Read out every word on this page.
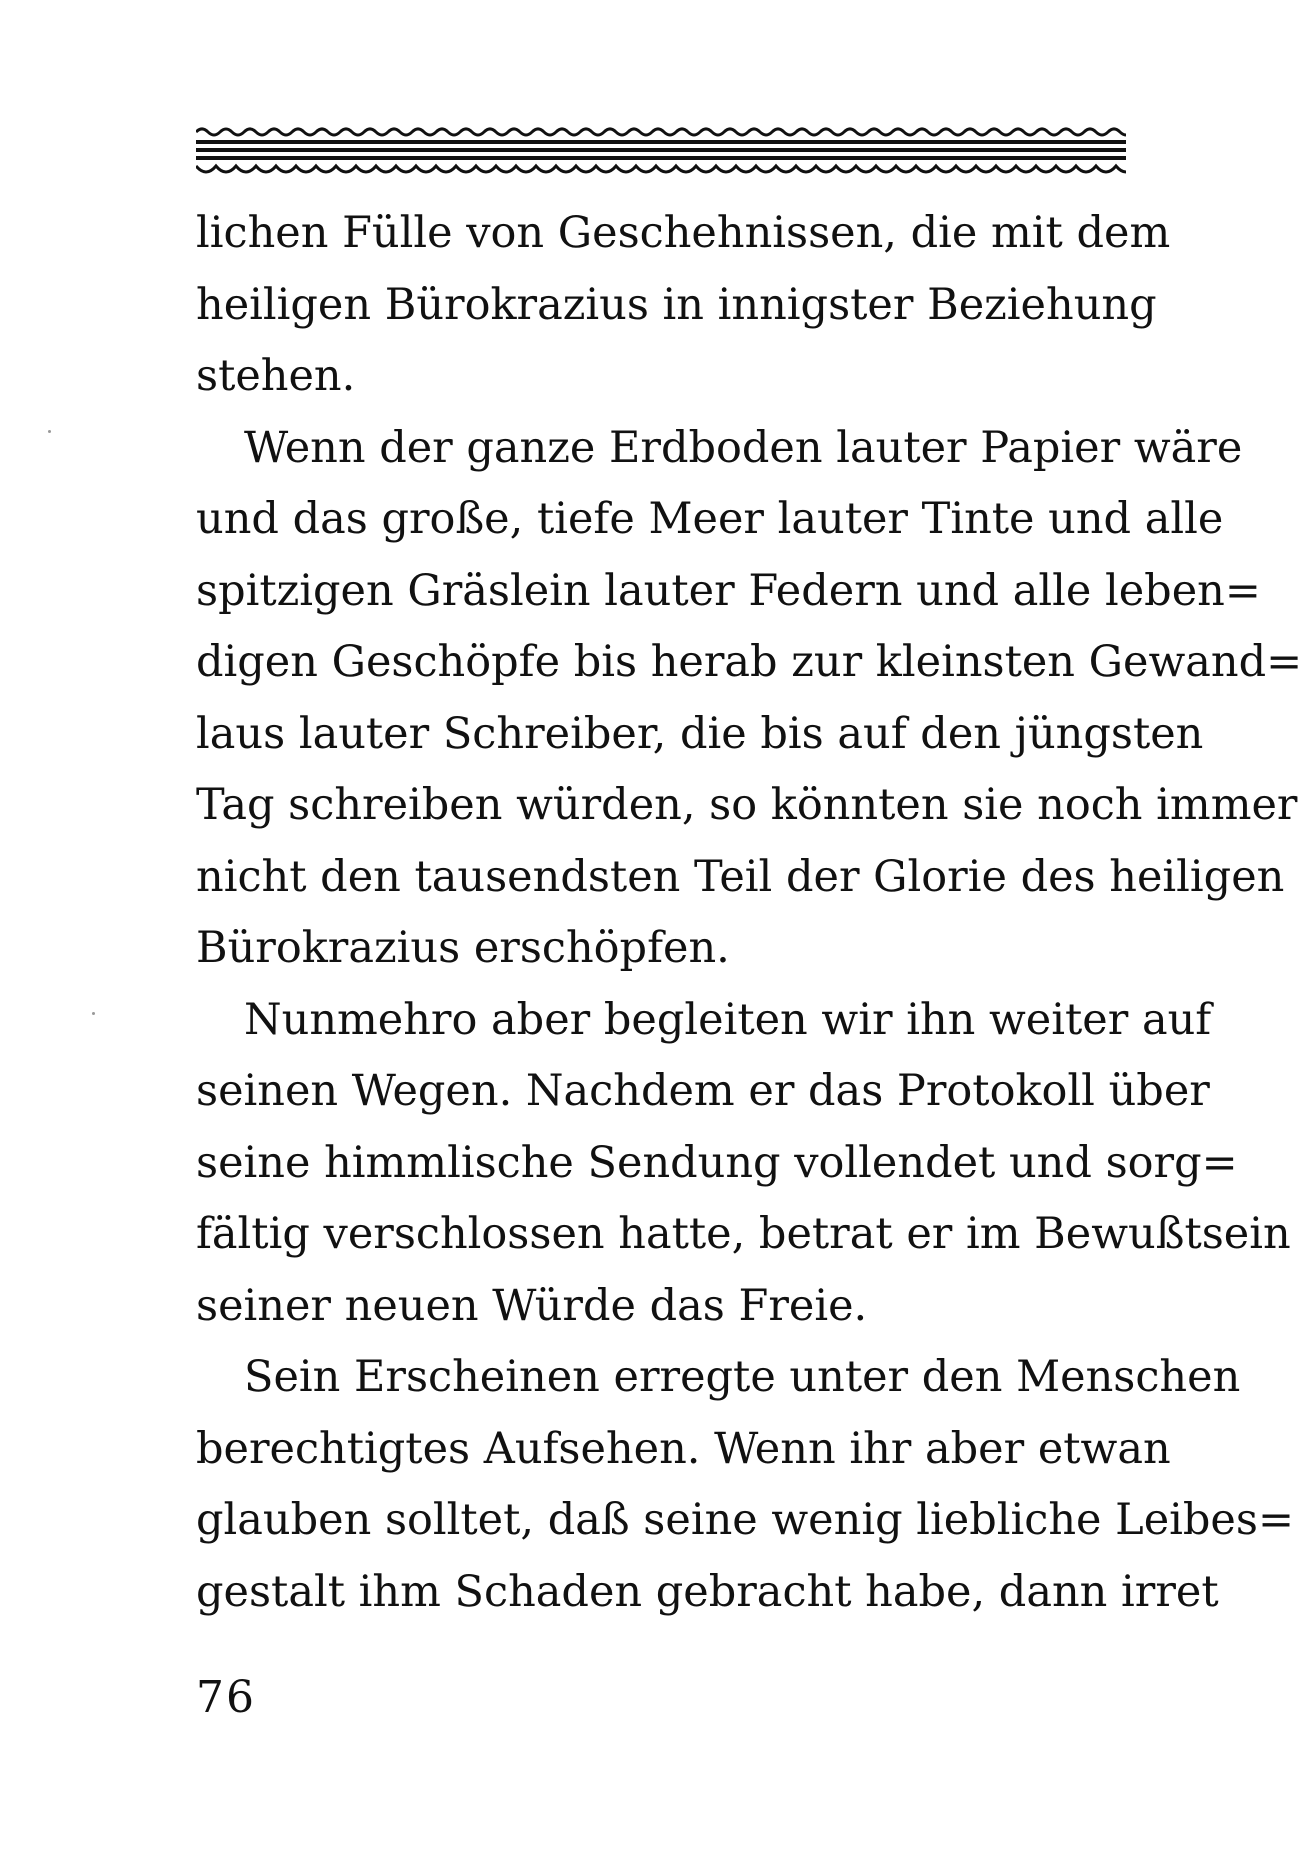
lichen Fülle von Geschehnissen, die mit dem
heiligen Bürokrazius in innigster Beziehung
stehen.
Wenn der ganze Erdboden lauter Papier wäre
und das große, tiefe Meer lauter Tinte und alle
spitzigen Gräslein lauter Federn und alle leben=
digen Geschöpfe bis herab zur kleinsten Gewand=
laus lauter Schreiber, die bis auf den jüngsten
Tag schreiben würden, so könnten sie noch immer
nicht den tausendsten Teil der Glorie des heiligen
Bürokrazius erschöpfen.
Nunmehro aber begleiten wir ihn weiter auf
seinen Wegen. Nachdem er das Protokoll über
seine himmlische Sendung vollendet und sorg=
fältig verschlossen hatte, betrat er im Bewußtsein
seiner neuen Würde das Freie.
Sein Erscheinen erregte unter den Menschen
berechtigtes Aufsehen. Wenn ihr aber etwan
glauben solltet, daß seine wenig liebliche Leibes=
gestalt ihm Schaden gebracht habe, dann irret
76
